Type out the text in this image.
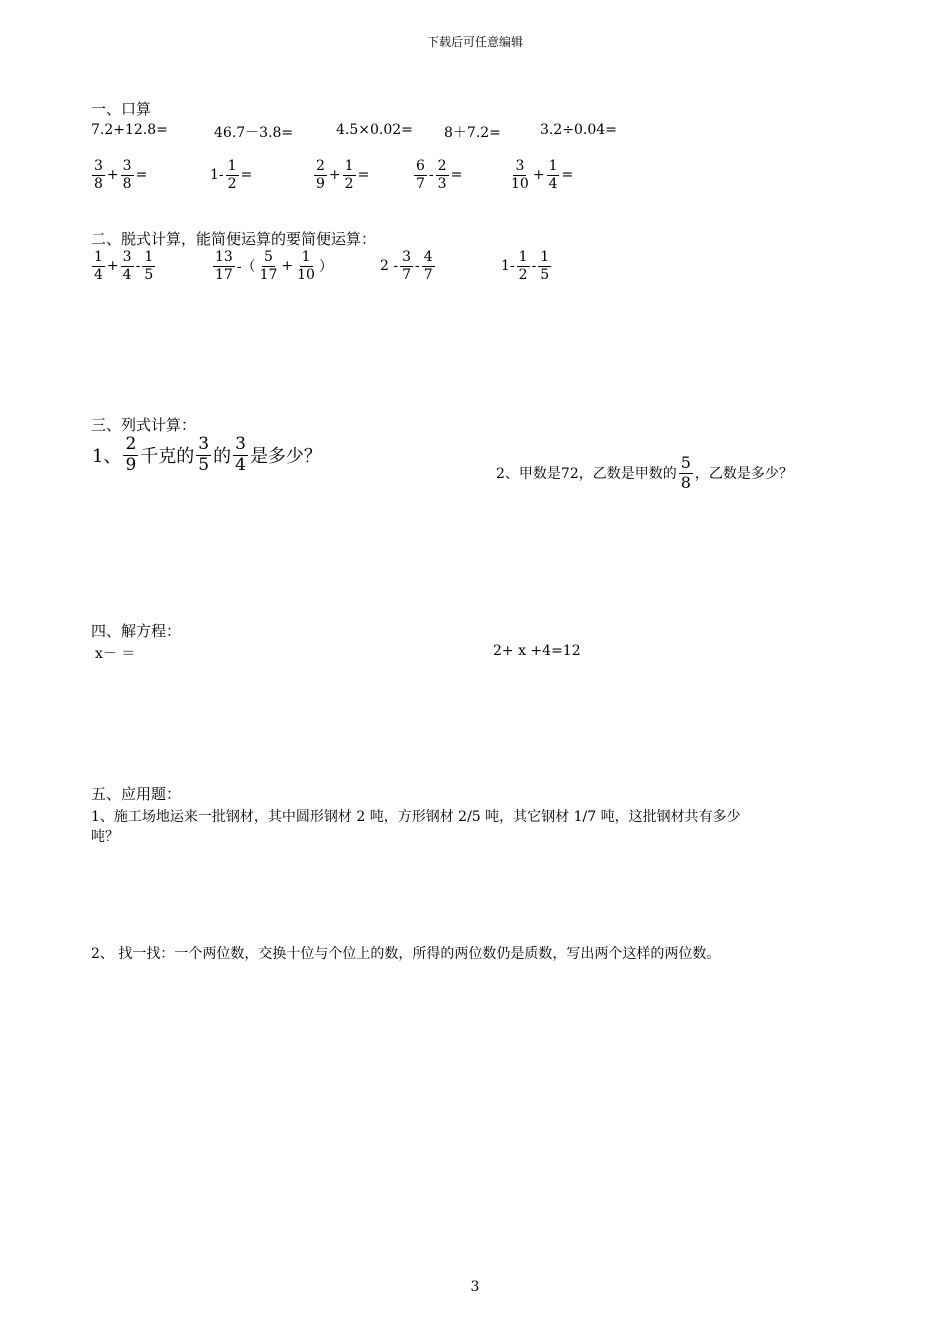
下载后可任意编辑
一、口算
7.2+12.8=	46.7－3.8=	4.5×0.02= 8＋7.2=	3.2÷0.04=
$\frac{3}{8} + \frac{3}{8}$ =	$1- \frac{1}{2}$ =	$\frac{2}{9} + \frac{1}{2}$ =	$\frac{6}{7} - \frac{2}{3}$ =	$\frac{3}{10} + \frac{1}{4}$ =
二、脱式计算，能简便运算的要简便运算：
$\frac{1}{4} + \frac{3}{4} - \frac{1}{5}$	$\frac{13}{17}$ -（ $\frac{5}{17} + \frac{1}{10}$ ）	$2 - \frac{3}{7} - \frac{4}{7}$	$1- \frac{1}{2} - \frac{1}{5}$
三、列式计算：
1、 $\frac{2}{9}$ 千克的 $\frac{3}{5}$ 的 $\frac{3}{4}$ 是多少？
2、甲数是72，乙数是甲数的 $\frac{5}{8}$ ，乙数是多少？
四、解方程：
x－ ＝	2+ x +4=12
五、应用题：
1、施工场地运来一批钢材，其中圆形钢材 2 吨，方形钢材 2/5 吨，其它钢材 1/7 吨，这批钢材共有多少
吨？
2、 找一找：一个两位数，交换十位与个位上的数，所得的两位数仍是质数，写出两个这样的两位数。
3
